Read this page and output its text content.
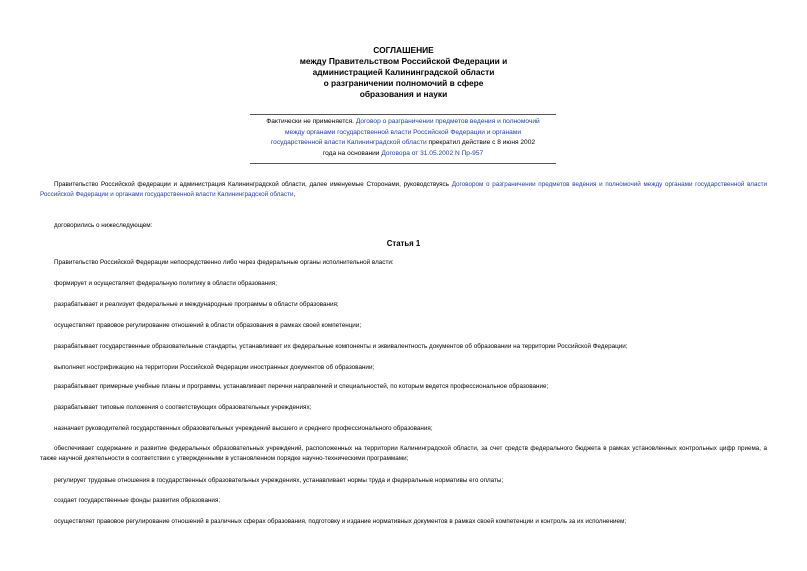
СОГЛАШЕНИЕ
между Правительством Российской Федерации и
администрацией Калининградской области
о разграничении полномочий в сфере
образования и науки
Фактически не применяется. Договор о разграничении предметов ведения и полномочий
между органами государственной власти Российской Федерации и органами
государственной власти Калининградской области прекратил действие с 8 июня 2002
года на основании Договора от 31.05.2002 N Пр-957
Правительство Российской федерации и администрация Калининградской области, далее именуемые Сторонами, руководствуясь Договором о разграничении предметов ведения и полномочий между органами государственной власти Российской Федерации и органами государственной власти Калининградской области,
договорились о нижеследующем:
Статья 1
Правительство Российской Федерации непосредственно либо через федеральные органы исполнительной власти:
формирует и осуществляет федеральную политику в области образования;
разрабатывает и реализует федеральные и международные программы в области образования;
осуществляет правовое регулирование отношений в области образования в рамках своей компетенции;
разрабатывает государственные образовательные стандарты, устанавливает их федеральные компоненты и эквивалентность документов об образовании на территории Российской Федерации;
выполняет нострификацию на территории Российской Федерации иностранных документов об образовании;
разрабатывает примерные учебные планы и программы, устанавливает перечни направлений и специальностей, по которым ведется профессиональное образование;
разрабатывает типовые положения о соответствующих образовательных учреждениях;
назначает руководителей государственных образовательных учреждений высшего и среднего профессионального образования;
обеспечивает содержание и развитие федеральных образовательных учреждений, расположенных на территории Калининградской области, за счет средств федерального бюджета в рамках установленных контрольных цифр приема, а также научной деятельности в соответствии с утвержденными в установленном порядке научно-техническими программами;
регулирует трудовые отношения в государственных образовательных учреждениях, устанавливает нормы труда и федеральные нормативы его оплаты;
создает государственные фонды развития образования;
осуществляет правовое регулирование отношений в различных сферах образования, подготовку и издание нормативных документов в рамках своей компетенции и контроль за их исполнением;
